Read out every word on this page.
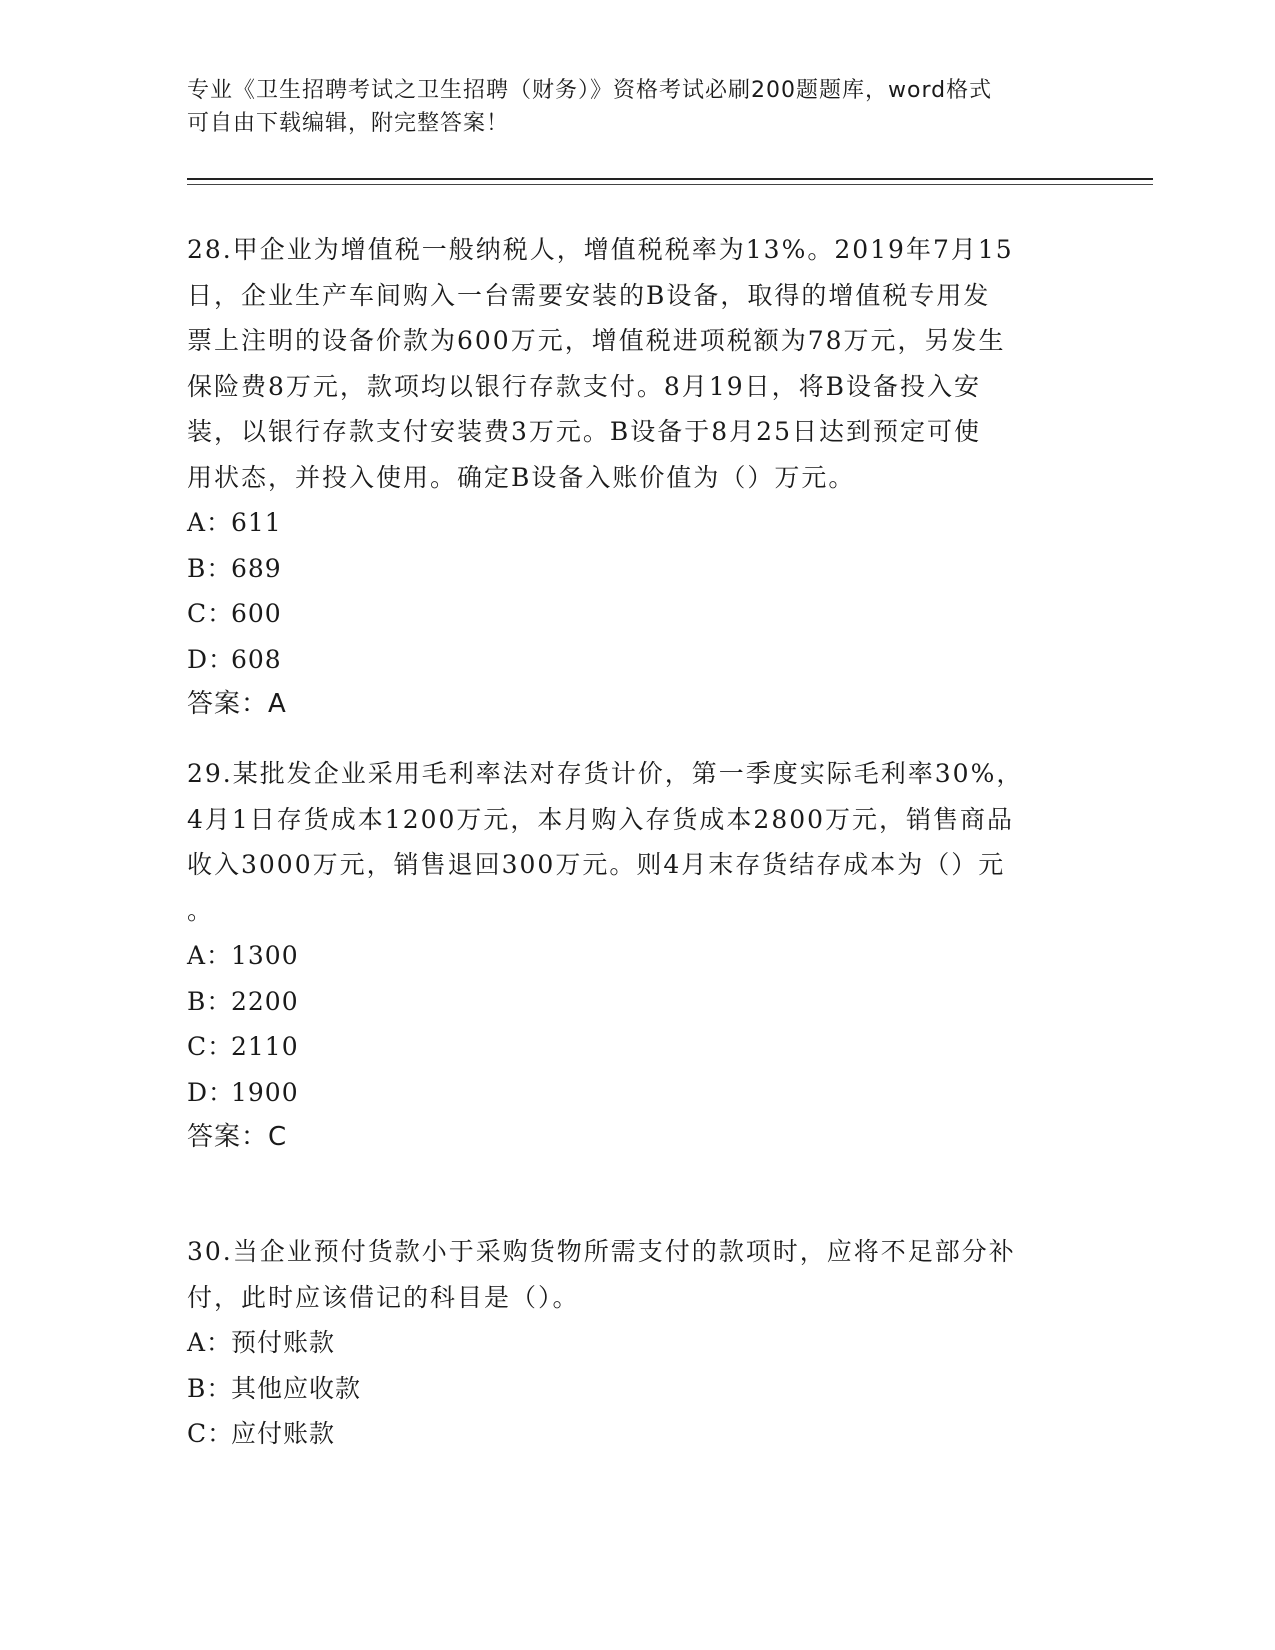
专业《卫生招聘考试之卫生招聘（财务）》资格考试必刷200题题库，word格式
可自由下载编辑，附完整答案！
28.甲企业为增值税一般纳税人，增值税税率为13%。2019年7月15
日，企业生产车间购入一台需要安装的B设备，取得的增值税专用发
票上注明的设备价款为600万元，增值税进项税额为78万元，另发生
保险费8万元，款项均以银行存款支付。8月19日，将B设备投入安
装，以银行存款支付安装费3万元。B设备于8月25日达到预定可使
用状态，并投入使用。确定B设备入账价值为（）万元。
A：
611
B：
689
C：
600
D：
608
答案：A
29.某批发企业采用毛利率法对存货计价，第一季度实际毛利率30%，
4月1日存货成本1200万元，本月购入存货成本2800万元，销售商品
收入3000万元，销售退回300万元。则4月末存货结存成本为（）元
。
A：
1300
B：
2200
C：
2110
D：
1900
答案：C
30.当企业预付货款小于采购货物所需支付的款项时，应将不足部分补
付，此时应该借记的科目是（）。
A：
预付账款
B：
其他应收款
C：
应付账款
